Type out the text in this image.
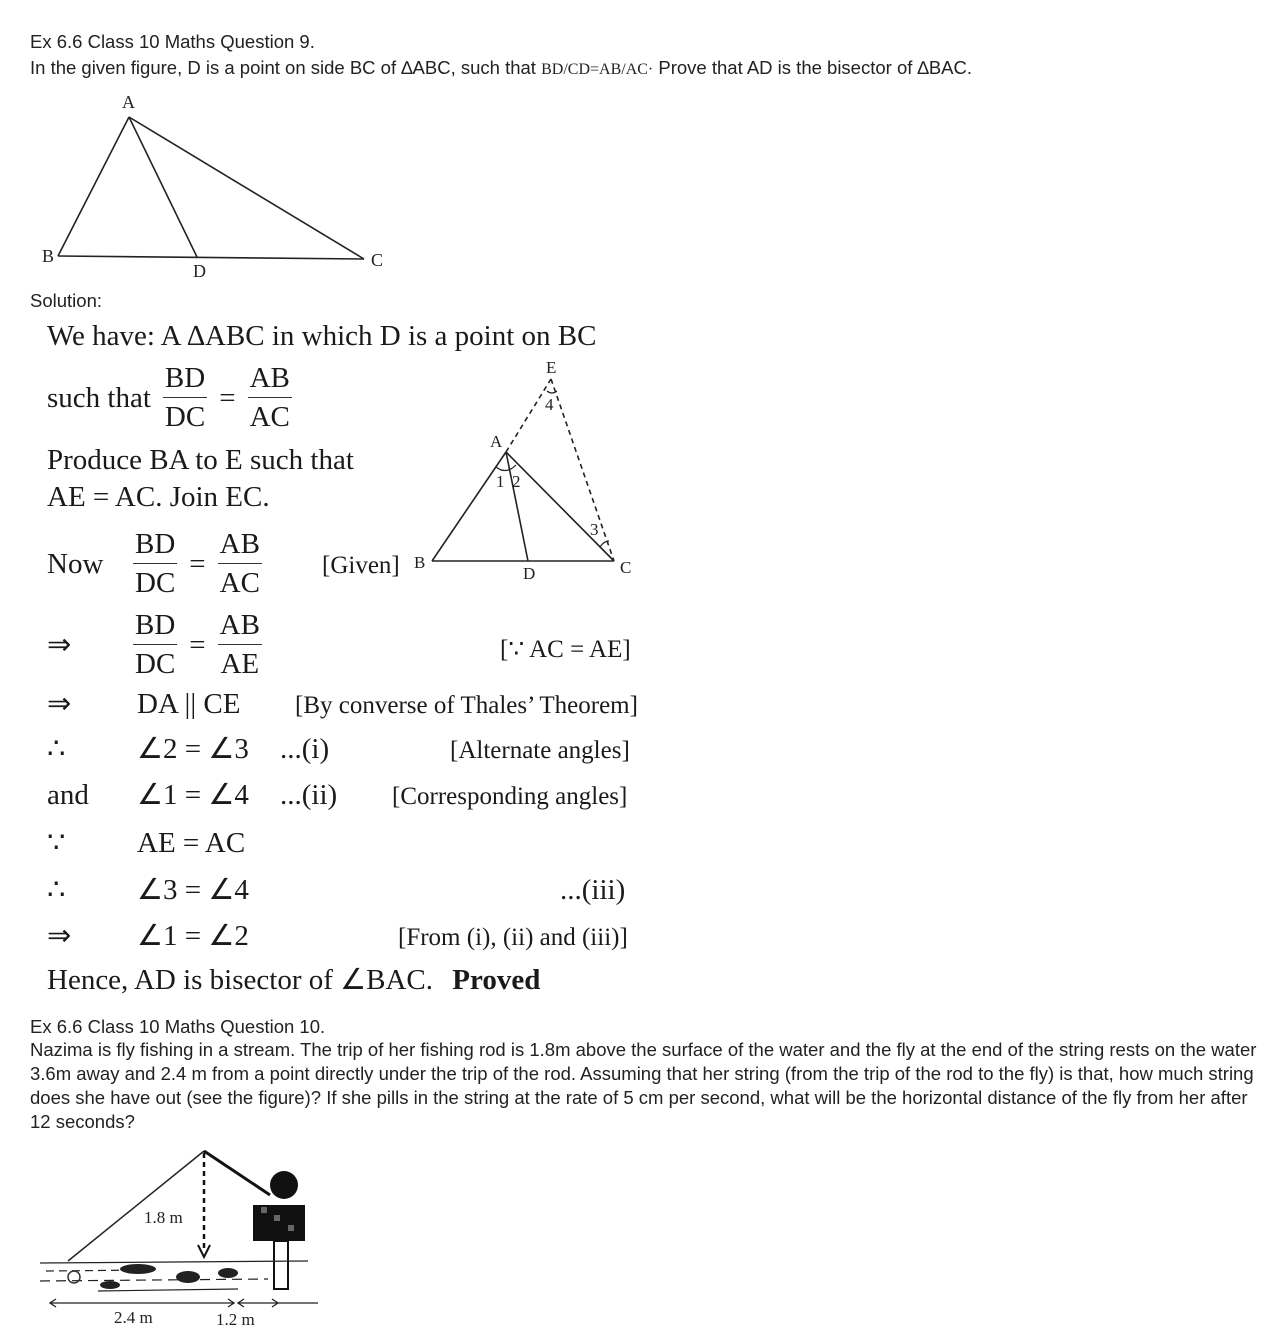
Ex 6.6 Class 10 Maths Question 9.
In the given figure, D is a point on side BC of ∆ABC, such that BD/CD=AB/AC· Prove that AD is the bisector of ∆BAC.
A
B	C
D
Solution:
We have: A ∆ABC in which D is a point on BC
such that $\frac{BD}{DC} = \frac{AB}{AC}$
Produce BA to E such that
AE = AC. Join EC.
E
A
B	C
D
1 2
3
4
Now	$\frac{BD}{DC} = \frac{AB}{AC}$ [Given]
⇒	$\frac{BD}{DC} = \frac{AB}{AE}$	[∵ AC = AE]
⇒ DA || CE [By converse of Thales’ Theorem]
∴ ∠2 = ∠3 ...(i)	[Alternate angles]
and ∠1 = ∠4 ...(ii) [Corresponding angles]
∵ AE = AC
∴ ∠3 = ∠4	...(iii)
⇒ ∠1 = ∠2	[From (i), (ii) and (iii)]
Hence, AD is bisector of ∠BAC. Proved
Ex 6.6 Class 10 Maths Question 10.
Nazima is fly fishing in a stream. The trip of her fishing rod is 1.8m above the surface of the water and the fly at the end of the string rests on the water 3.6m away and 2.4 m from a point directly under the trip of the rod. Assuming that her string (from the trip of the rod to the fly) is that, how much string does she have out (see the figure)? If she pills in the string at the rate of 5 cm per second, what will be the horizontal distance of the fly from her after 12 seconds?
1.8 m
2.4 m	1.2 m
